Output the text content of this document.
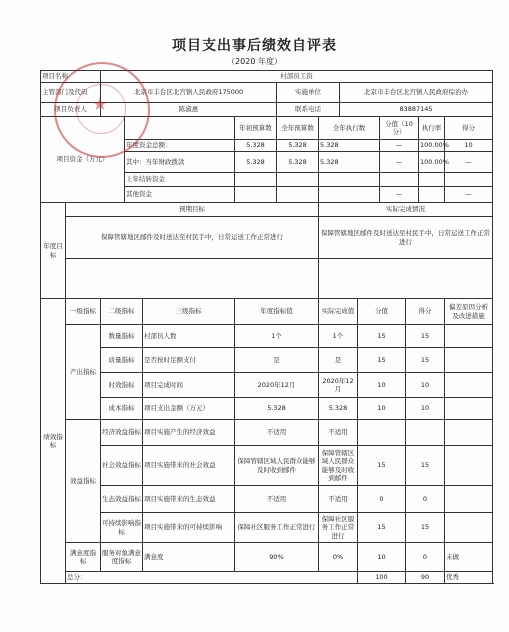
项目支出事后绩效自评表
（2020 年度）
项目名称		村部员工资											
主管部门及代码		北京市丰台区北宫镇人民政府175000				实施单位		北京市丰台区北宫镇人民政府综治办					
项目负责人		陈淑惠				联系电话		83887145					
项目资金（万元）					年初预算数	全年预算数	全年执行数			分值（10分）		执行率	得分
			年度资金总额：		5.328	5.328	5.328			—		100.00%	10
			其中：当年财政拨款		5.328	5.328	5.328			—		100.00%	—
			上年结转资金										
			其他资金							—			—
年度目标	预期目标						实际完成情况						
	保障管辖地区邮件及时送达至村民手中，日常运送工作正常进行						保障管辖地区邮件及时送达至村民手中，日常运送工作正常进行						

绩效指标	一级指标	二级指标		三级指标	年度指标值		实际完成值		分值		得分		偏差原因分析及改进措施
	产出指标	数量指标		村部员人数	1个		1个		15		15		
		质量指标		是否按时足额支付	是		是		15		15		
		时效指标		项目完成时间	2020年12月		2020年12月		10		10		
		成本指标		项目支出金额（万元）	5.328		5.328		10		10		
	效益指标	经济效益指标		项目实施产生的经济效益	不适用		不适用						
		社会效益指标		项目实施带来的社会效益	保障管辖区域人民群众能够及时收到邮件		保障管辖区域人民群众能够及时收到邮件		15		15		
		生态效益指标		项目实施带来的生态效益	不适用		不适用		0		0		
		可持续影响指标		项目实施带来的可持续影响	保障社区服务工作正常进行		保障社区服务工作正常进行		15		15		
	满意度指标	服务对象满意度指标		满意度	90%		0%		10		0		未做
	总分：								100		90		优秀
★
